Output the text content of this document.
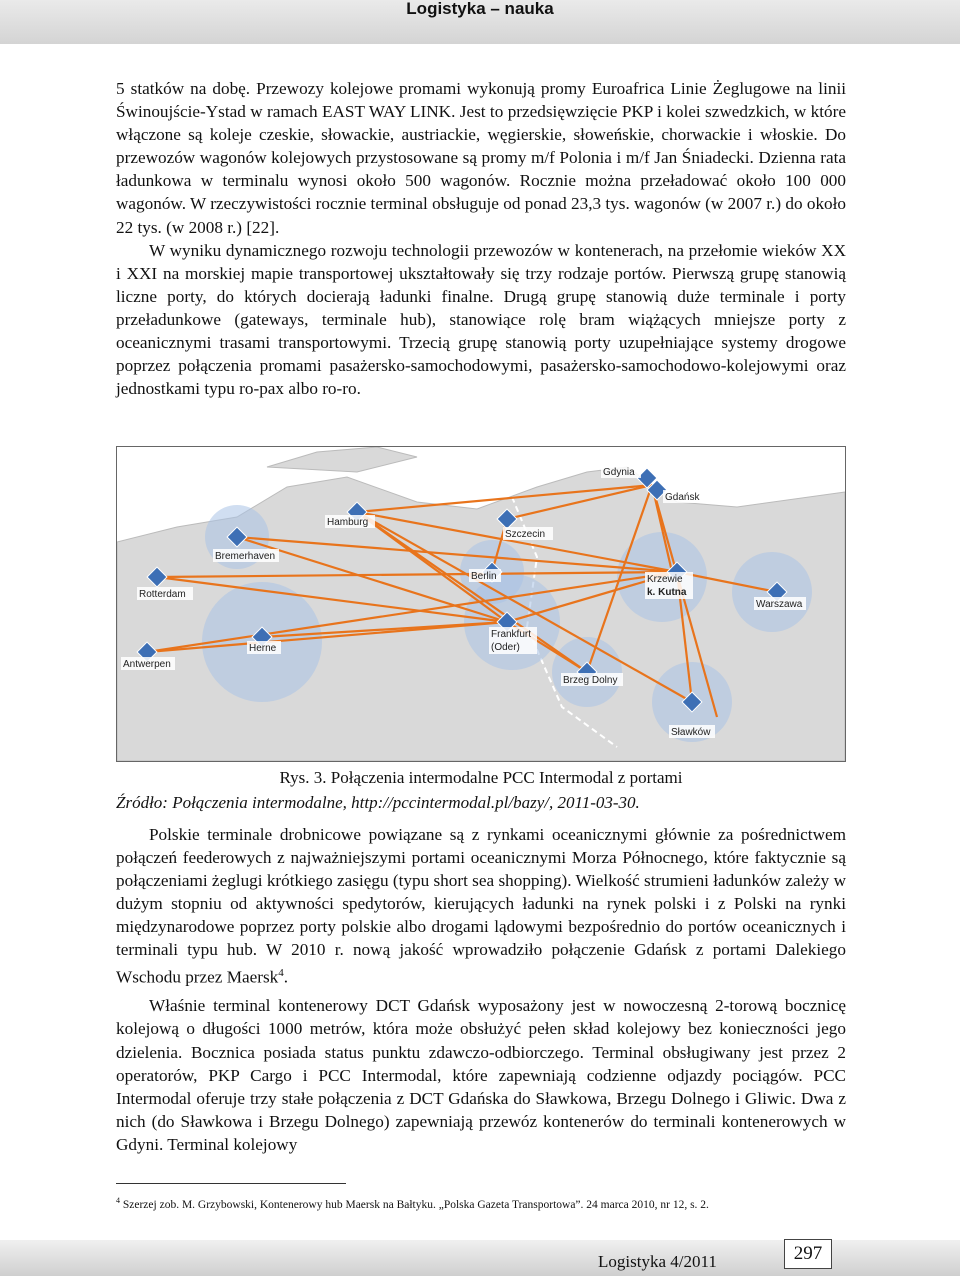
Logistyka – nauka

5 statków na dobę. Przewozy kolejowe promami wykonują promy Euroafrica Linie Żeglugowe na linii Świnoujście-Ystad w ramach EAST WAY LINK. Jest to przedsięwzięcie PKP i kolei szwedzkich, w które włączone są koleje czeskie, słowackie, austriackie, węgierskie, słoweńskie, chorwackie i włoskie. Do przewozów wagonów kolejowych przystosowane są promy m/f Polonia i m/f Jan Śniadecki. Dzienna rata ładunkowa w terminalu wynosi około 500 wagonów. Rocznie można przeładować około 100 000 wagonów. W rzeczywistości rocznie terminal obsługuje od ponad 23,3 tys. wagonów (w 2007 r.) do około 22 tys. (w 2008 r.) [22].

W wyniku dynamicznego rozwoju technologii przewozów w kontenerach, na przełomie wieków XX i XXI na morskiej mapie transportowej ukształtowały się trzy rodzaje portów. Pierwszą grupę stanowią liczne porty, do których docierają ładunki finalne. Drugą grupę stanowią duże terminale i porty przeładunkowe (gateways, terminale hub), stanowiące rolę bram wiążących mniejsze porty z oceanicznymi trasami transportowymi. Trzecią grupę stanowią porty uzupełniające systemy drogowe poprzez połączenia promami pasażersko-samochodowymi, pasażersko-samochodowo-kolejowymi oraz jednostkami typu ro-pax albo ro-ro.

Gdynia
Gdańsk
Hamburg
Szczecin
Bremerhaven
Rotterdam
Berlin	Krzewie
k. Kutna
Herne
Frankfurt
(Oder)
Warszawa
Antwerpen
Brzeg Dolny
Sławków
Rys. 3. Połączenia intermodalne PCC Intermodal z portami
Źródło: Połączenia intermodalne, http://pccintermodal.pl/bazy/, 2011-03-30.

Polskie terminale drobnicowe powiązane są z rynkami oceanicznymi głównie za pośrednictwem połączeń feederowych z najważniejszymi portami oceanicznymi Morza Północnego, które faktycznie są połączeniami żeglugi krótkiego zasięgu (typu short sea shopping). Wielkość strumieni ładunków zależy w dużym stopniu od aktywności spedytorów, kierujących ładunki na rynek polski i z Polski na rynki międzynarodowe poprzez porty polskie albo drogami lądowymi bezpośrednio do portów oceanicznych i terminali typu hub. W 2010 r. nową jakość wprowadziło połączenie Gdańsk z portami Dalekiego Wschodu przez Maersk$^4$.

Właśnie terminal kontenerowy DCT Gdańsk wyposażony jest w nowoczesną 2-torową bocznicę kolejową o długości 1000 metrów, która może obsłużyć pełen skład kolejowy bez konieczności jego dzielenia. Bocznica posiada status punktu zdawczo-odbiorczego. Terminal obsługiwany jest przez 2 operatorów, PKP Cargo i PCC Intermodal, które zapewniają codzienne odjazdy pociągów. PCC Intermodal oferuje trzy stałe połączenia z DCT Gdańska do Sławkowa, Brzegu Dolnego i Gliwic. Dwa z nich (do Sławkowa i Brzegu Dolnego) zapewniają przewóz kontenerów do terminali kontenerowych w Gdyni. Terminal kolejowy

$^4$ Szerzej zob. M. Grzybowski, Kontenerowy hub Maersk na Bałtyku. „Polska Gazeta Transportowa”. 24 marca 2010, nr 12, s. 2.
Logistyka 4/2011	297
